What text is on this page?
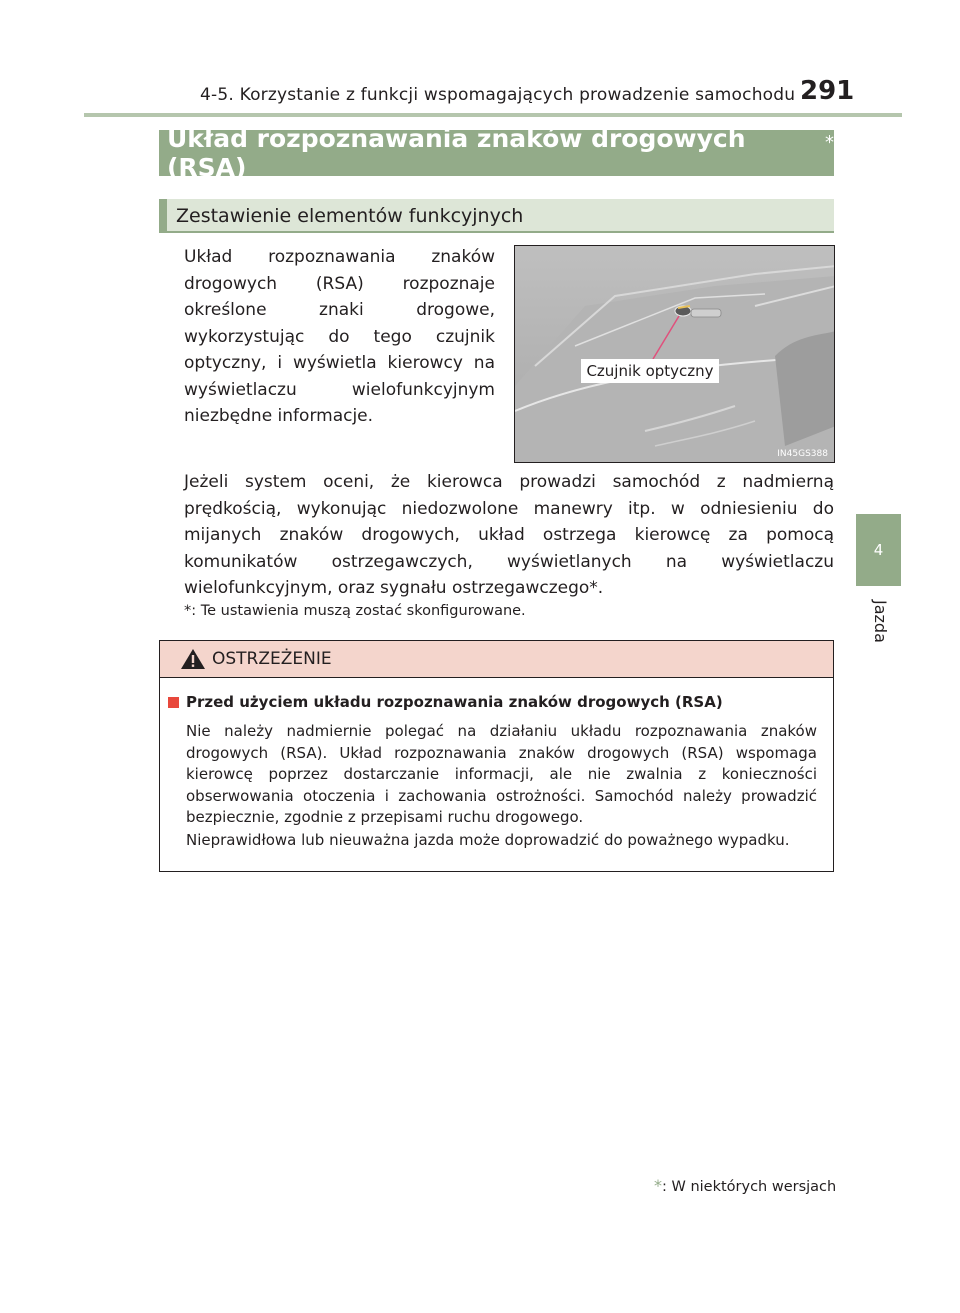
4-5. Korzystanie z funkcji wspomagających prowadzenie samochodu 291
4
Jazda
Układ rozpoznawania znaków drogowych (RSA)
*
Zestawienie elementów funkcyjnych
Układ rozpoznawania znaków drogowych (RSA) rozpoznaje określone znaki drogowe, wykorzystując do tego czujnik optyczny, i wyświetla kierowcy na wyświetlaczu wielofunkcyjnym niezbędne informacje.
Czujnik optyczny
IN45GS388
Jeżeli system oceni, że kierowca prowadzi samochód z nadmierną prędkością, wykonując niedozwolone manewry itp. w odniesieniu do mijanych znaków drogowych, układ ostrzega kierowcę za pomocą komunikatów ostrzegawczych, wyświetlanych na wyświetlaczu wielofunkcyjnym, oraz sygnału ostrzegawczego*.
*: Te ustawienia muszą zostać skonfigurowane.
OSTRZEŻENIE
Przed użyciem układu rozpoznawania znaków drogowych (RSA)
Nie należy nadmiernie polegać na działaniu układu rozpoznawania znaków drogowych (RSA). Układ rozpoznawania znaków drogowych (RSA) wspomaga kierowcę poprzez dostarczanie informacji, ale nie zwalnia z konieczności obserwowania otoczenia i zachowania ostrożności. Samochód należy prowadzić bezpiecznie, zgodnie z przepisami ruchu drogowego.
Nieprawidłowa lub nieuważna jazda może doprowadzić do poważnego wypadku.
*: W niektórych wersjach
